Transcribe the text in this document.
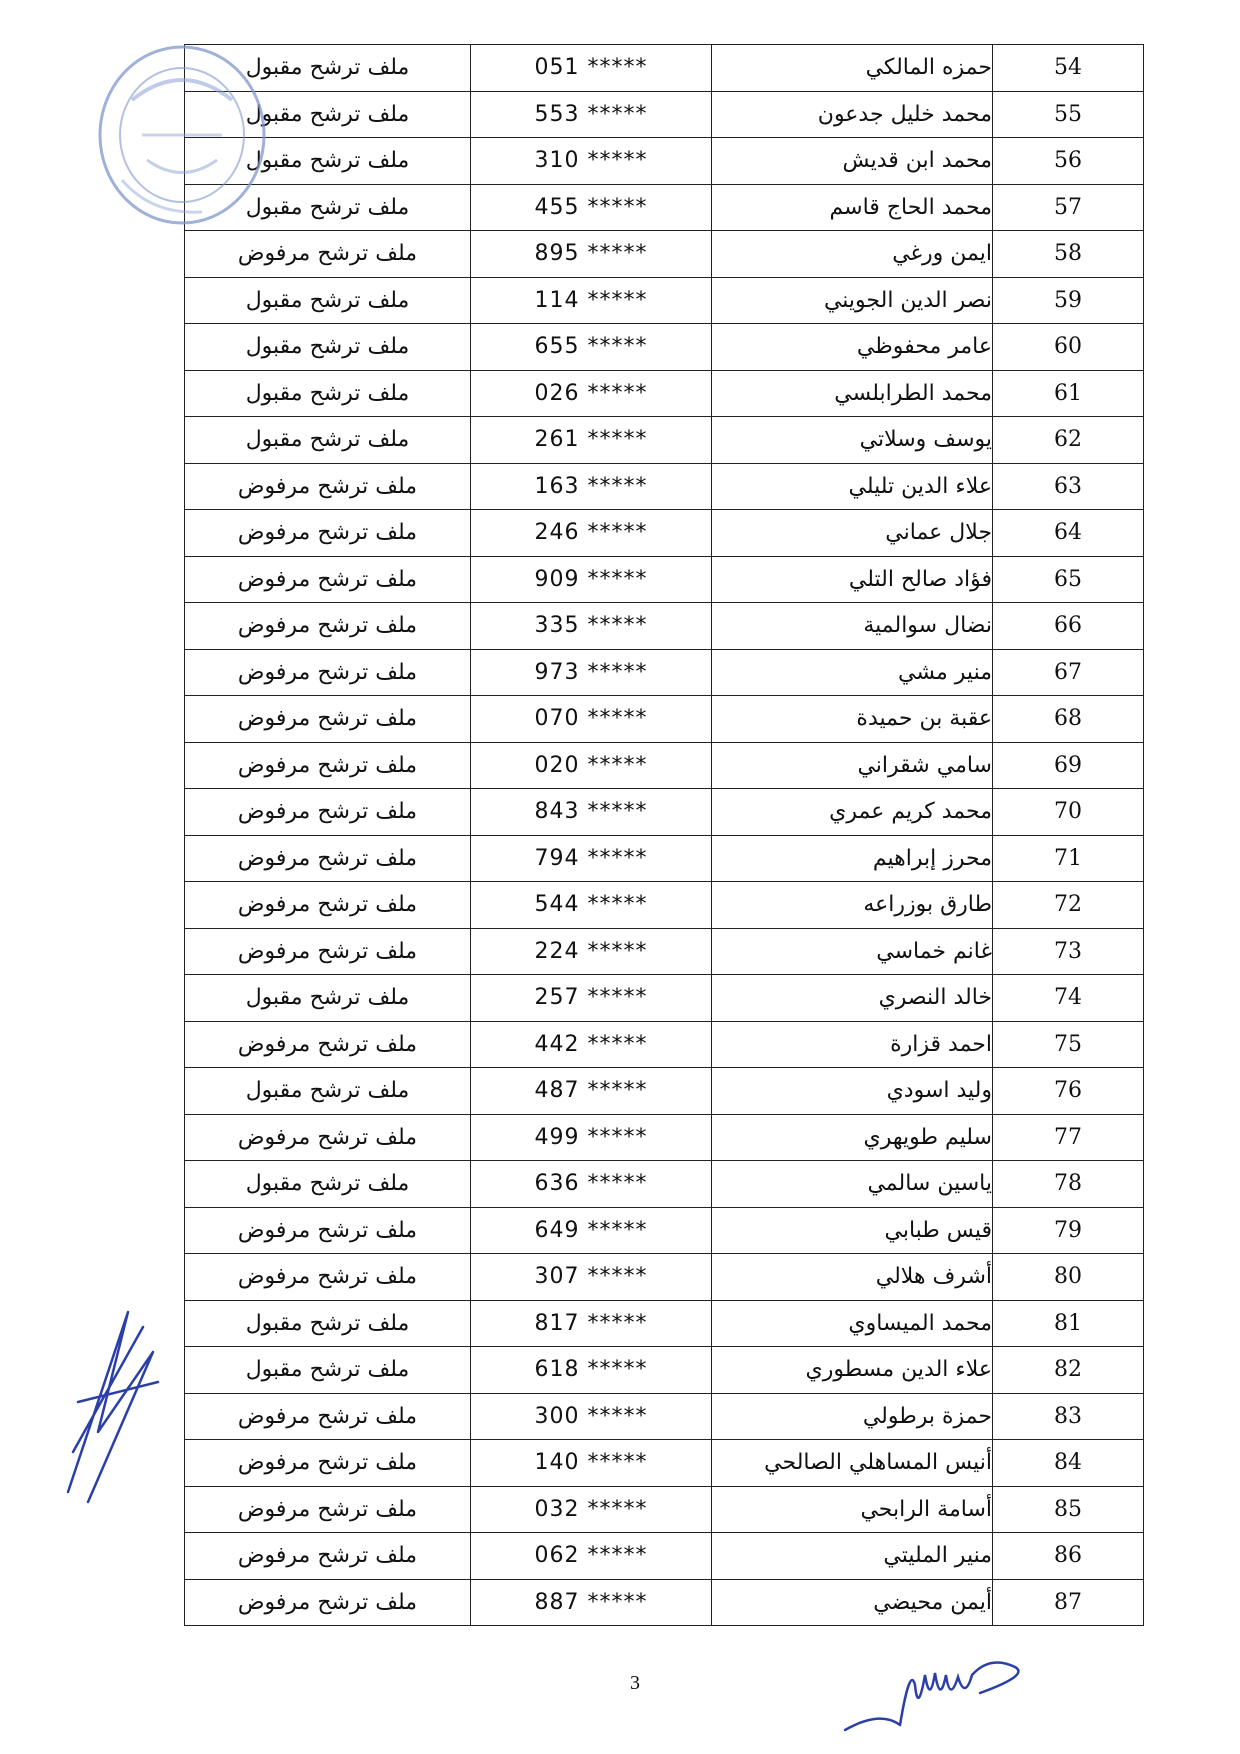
54	حمزه المالكي	***** 051	ملف ترشح مقبول
55	محمد خليل جدعون	***** 553	ملف ترشح مقبول
56	محمد ابن قديش	***** 310	ملف ترشح مقبول
57	محمد الحاج قاسم	***** 455	ملف ترشح مقبول
58	ايمن ورغي	***** 895	ملف ترشح مرفوض
59	نصر الدين الجويني	***** 114	ملف ترشح مقبول
60	عامر محفوظي	***** 655	ملف ترشح مقبول
61	محمد الطرابلسي	***** 026	ملف ترشح مقبول
62	يوسف وسلاتي	***** 261	ملف ترشح مقبول
63	علاء الدين تليلي	***** 163	ملف ترشح مرفوض
64	جلال عماني	***** 246	ملف ترشح مرفوض
65	فؤاد صالح التلي	***** 909	ملف ترشح مرفوض
66	نضال سوالمية	***** 335	ملف ترشح مرفوض
67	منير مشي	***** 973	ملف ترشح مرفوض
68	عقبة بن حميدة	***** 070	ملف ترشح مرفوض
69	سامي شقراني	***** 020	ملف ترشح مرفوض
70	محمد كريم عمري	***** 843	ملف ترشح مرفوض
71	محرز إبراهيم	***** 794	ملف ترشح مرفوض
72	طارق بوزراعه	***** 544	ملف ترشح مرفوض
73	غانم خماسي	***** 224	ملف ترشح مرفوض
74	خالد النصري	***** 257	ملف ترشح مقبول
75	احمد قزارة	***** 442	ملف ترشح مرفوض
76	وليد اسودي	***** 487	ملف ترشح مقبول
77	سليم طويهري	***** 499	ملف ترشح مرفوض
78	ياسين سالمي	***** 636	ملف ترشح مقبول
79	قيس طبابي	***** 649	ملف ترشح مرفوض
80	أشرف هلالي	***** 307	ملف ترشح مرفوض
81	محمد الميساوي	***** 817	ملف ترشح مقبول
82	علاء الدين مسطوري	***** 618	ملف ترشح مقبول
83	حمزة برطولي	***** 300	ملف ترشح مرفوض
84	أنيس المساهلي الصالحي	***** 140	ملف ترشح مرفوض
85	أسامة الرابحي	***** 032	ملف ترشح مرفوض
86	منير المليتي	***** 062	ملف ترشح مرفوض
87	أيمن محيضي	***** 887	ملف ترشح مرفوض
3
